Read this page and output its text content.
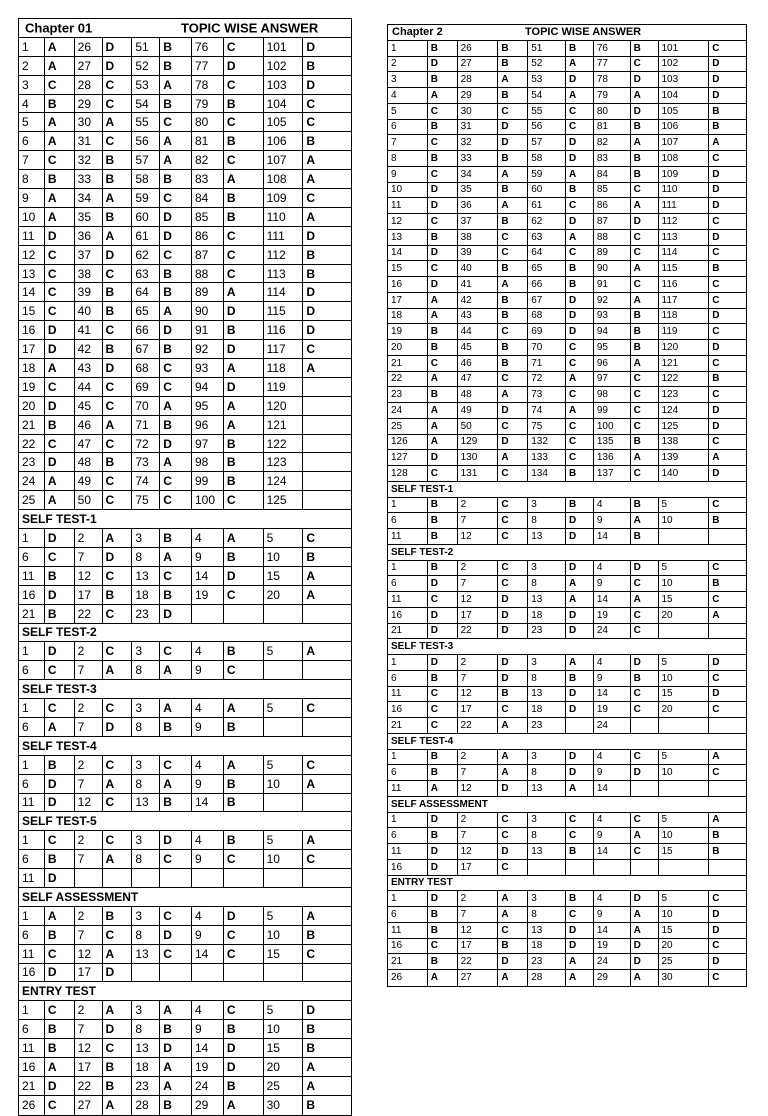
Chapter 01	TOPIC WISE ANSWER
1	A	26	D	51	B	76	C	101	D
2	A	27	D	52	B	77	D	102	B
3	C	28	C	53	A	78	C	103	D
4	B	29	C	54	B	79	B	104	C
5	A	30	A	55	C	80	C	105	C
6	A	31	C	56	A	81	B	106	B
7	C	32	B	57	A	82	C	107	A
8	B	33	B	58	B	83	A	108	A
9	A	34	A	59	C	84	B	109	C
10	A	35	B	60	D	85	B	110	A
11	D	36	A	61	D	86	C	111	D
12	C	37	D	62	C	87	C	112	B
13	C	38	C	63	B	88	C	113	B
14	C	39	B	64	B	89	A	114	D
15	C	40	B	65	A	90	D	115	D
16	D	41	C	66	D	91	B	116	D
17	D	42	B	67	B	92	D	117	C
18	A	43	D	68	C	93	A	118	A
19	C	44	C	69	C	94	D	119
20	D	45	C	70	A	95	A	120
21	B	46	A	71	B	96	A	121
22	C	47	C	72	D	97	B	122
23	D	48	B	73	A	98	B	123
24	A	49	C	74	C	99	B	124
25	A	50	C	75	C	100 C	125
SELF TEST-1
1	D	2	A	3	B	4	A	5	C
6	C	7	D	8	A	9	B	10	B
11	B	12	C	13	C	14	D	15	A
16	D	17	B	18	B	19	C	20	A
21	B	22	C	23	D
SELF TEST-2
1	D	2	C	3	C	4	B	5	A
6	C	7	A	8	A	9	C
SELF TEST-3
1	C	2	C	3	A	4	A	5	C
6	A	7	D	8	B	9	B
SELF TEST-4
1	B	2	C	3	C	4	A	5	C
6	D	7	A	8	A	9	B	10	A
11	D	12	C	13	B	14	B
SELF TEST-5
1	C	2	C	3	D	4	B	5	A
6	B	7	A	8	C	9	C	10	C
11	D
SELF ASSESSMENT
1	A	2	B	3	C	4	D	5	A
6	B	7	C	8	D	9	C	10	B
11	C	12	A	13	C	14	C	15	C
16	D	17	D
ENTRY TEST
1	C	2	A	3	A	4	C	5	D
6	B	7	D	8	B	9	B	10	B
11	B	12	C	13	D	14	D	15	B
16	A	17	B	18	A	19	D	20	A
21	D	22	B	23	A	24	B	25	A
26	C	27	A	28	B	29	A	30	B
Chapter 2	TOPIC WISE ANSWER
1	B	26	B	51	B	76	B	101	C
2	D	27	B	52	A	77	C	102	D
3	B	28	A	53	D	78	D	103	D
4	A	29	B	54	A	79	A	104	D
5	C	30	C	55	C	80	D	105	B
6	B	31	D	56	C	81	B	106	B
7	C	32	D	57	D	82	A	107	A
8	B	33	B	58	D	83	B	108	C
9	C	34	A	59	A	84	B	109	D
10	D	35	B	60	B	85	C	110	D
11	D	36	A	61	C	86	A	111	D
12	C	37	B	62	D	87	D	112	C
13	B	38	C	63	A	88	C	113	D
14	D	39	C	64	C	89	C	114	C
15	C	40	B	65	B	90	A	115	B
16	D	41	A	66	B	91	C	116	C
17	A	42	B	67	D	92	A	117	C
18	A	43	B	68	D	93	B	118	D
19	B	44	C	69	D	94	B	119	C
20	B	45	B	70	C	95	B	120	D
21	C	46	B	71	C	96	A	121	C
22	A	47	C	72	A	97	C	122	B
23	B	48	A	73	C	98	C	123	C
24	A	49	D	74	A	99	C	124	D
25	A	50	C	75	C	100	C	125	D
126	A	129	D	132	C	135	B	138	C
127	D	130	A	133	C	136	A	139	A
128	C	131	C	134	B	137	C	140	D
SELF TEST-1
1	B	2	C	3	B	4	B	5	C
6	B	7	C	8	D	9	A	10	B
11	B	12	C	13	D	14	B
SELF TEST-2
1	B	2	C	3	D	4	D	5	C
6	D	7	C	8	A	9	C	10	B
11	C	12	D	13	A	14	A	15	C
16	D	17	D	18	D	19	C	20	A
21	D	22	D	23	D	24	C
SELF TEST-3
1	D	2	D	3	A	4	D	5	D
6	B	7	D	8	B	9	B	10	C
11	C	12	B	13	D	14	C	15	D
16	C	17	C	18	D	19	C	20	C
21	C	22	A	23	24
SELF TEST-4
1	B	2	A	3	D	4	C	5	A
6	B	7	A	8	D	9	D	10	C
11	A	12	D	13	A	14
SELF ASSESSMENT
1	D	2	C	3	C	4	C	5	A
6	B	7	C	8	C	9	A	10	B
11	D	12	D	13	B	14	C	15	B
16	D	17	C
ENTRY TEST
1	D	2	A	3	B	4	D	5	C
6	B	7	A	8	C	9	A	10	D
11	B	12	C	13	D	14	A	15	D
16	C	17	B	18	D	19	D	20	C
21	B	22	D	23	A	24	D	25	D
26	A	27	A	28	A	29	A	30	C
